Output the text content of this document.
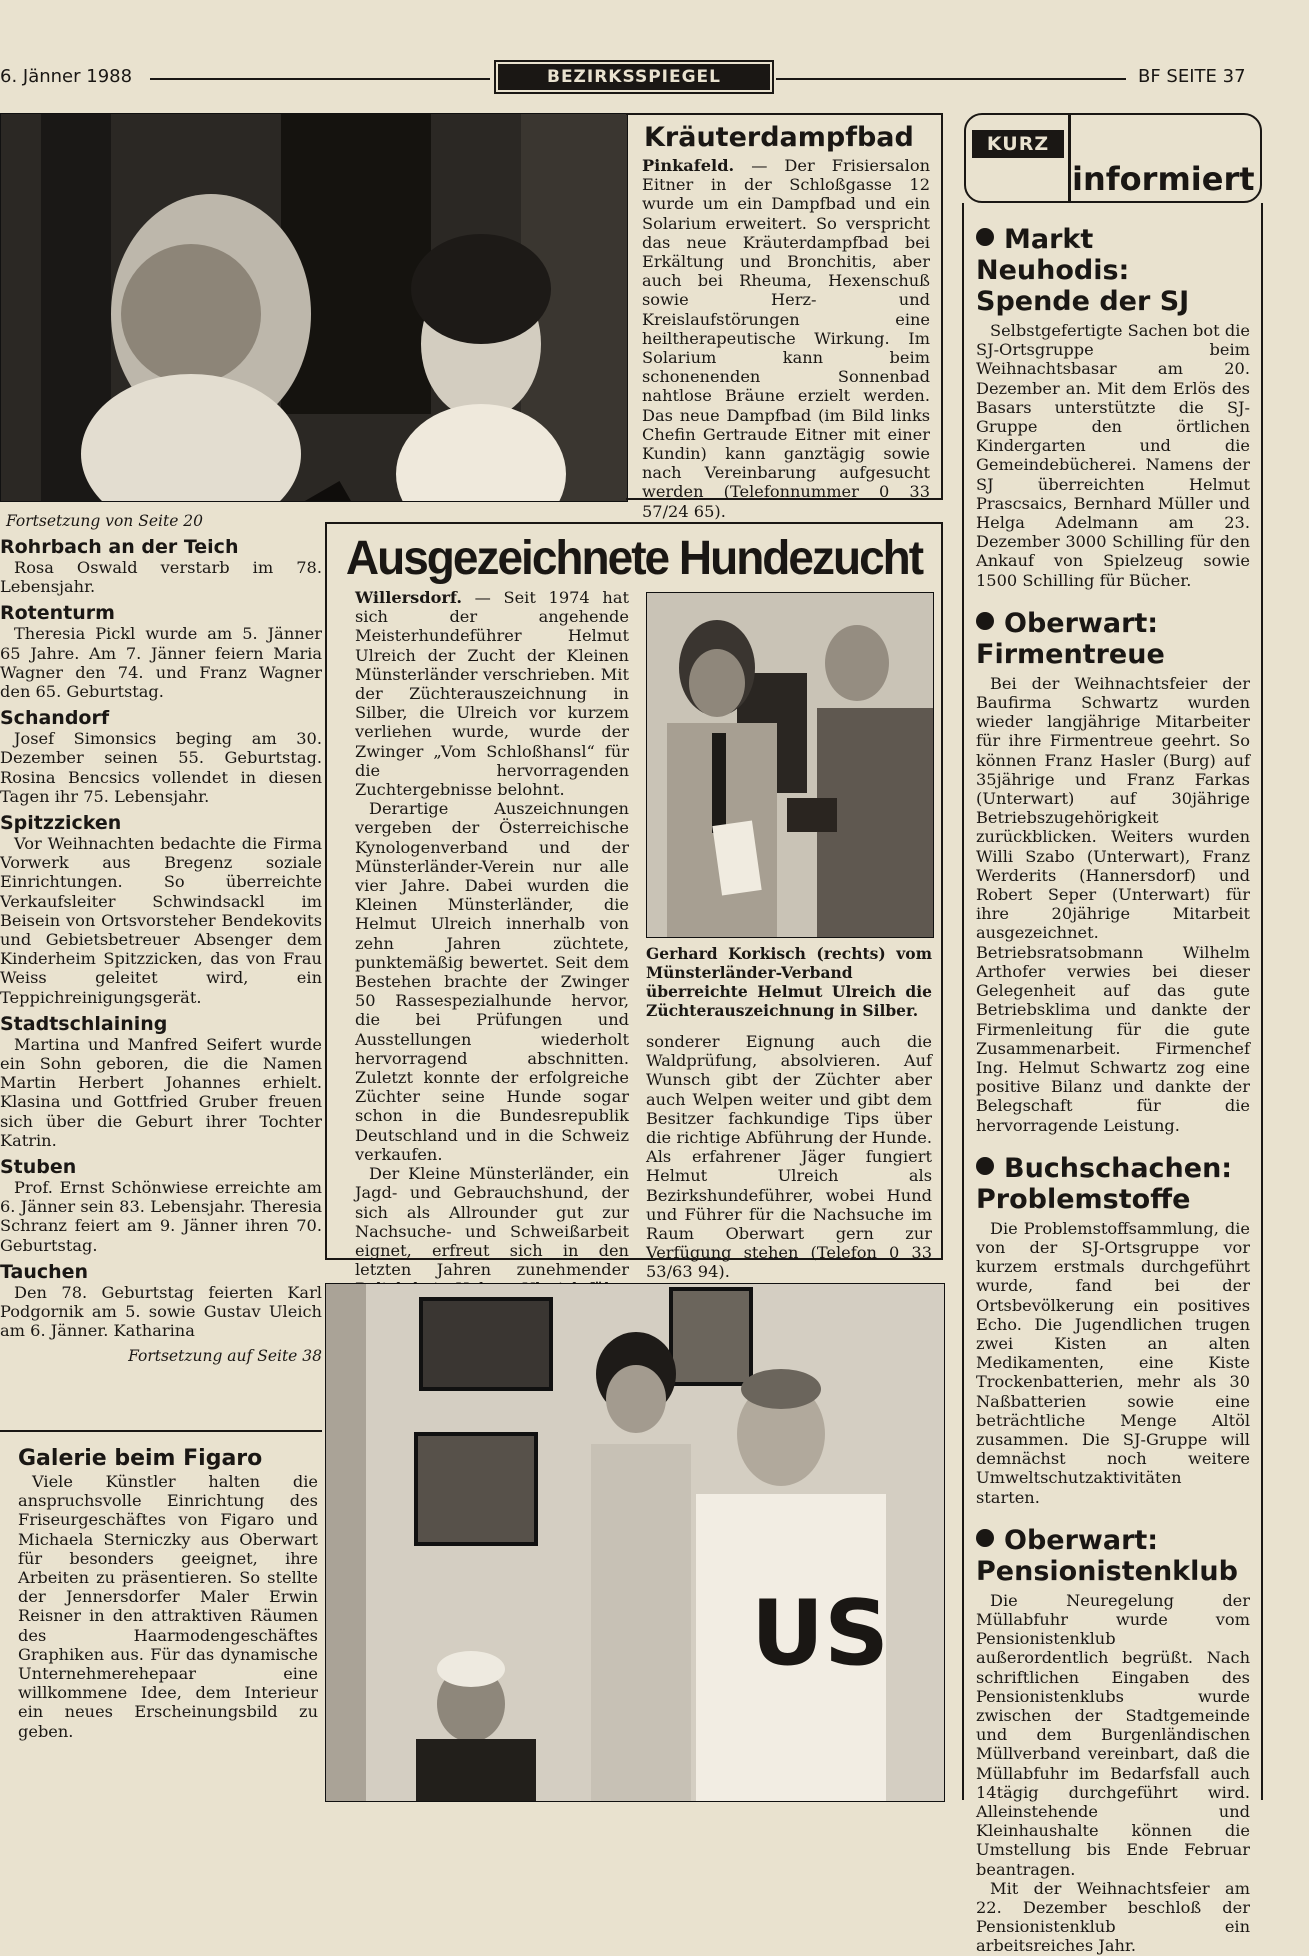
6. Jänner 1988	BEZIRKSSPIEGEL	BF SEITE 37
Kräuterdampfbad
Pinkafeld. — Der Frisiersalon Eitner in der Schloßgasse 12 wurde um ein Dampfbad und ein Solarium erweitert. So verspricht das neue Kräuterdampfbad bei Erkältung und Bronchitis, aber auch bei Rheuma, Hexenschuß sowie Herz- und Kreislaufstörungen eine heiltherapeutische Wirkung. Im Solarium kann beim schonenenden Sonnenbad nahtlose Bräune erzielt werden. Das neue Dampfbad (im Bild links Chefin Gertraude Eitner mit einer Kundin) kann ganztägig sowie nach Vereinbarung aufgesucht werden (Telefonnummer 0 33 57/24 65).
Fortsetzung von Seite 20
Rohrbach an der Teich
Rosa Oswald verstarb im 78. Lebensjahr.
Rotenturm
Theresia Pickl wurde am 5. Jänner 65 Jahre. Am 7. Jänner feiern Maria Wagner den 74. und Franz Wagner den 65. Geburtstag.
Schandorf
Josef Simonsics beging am 30. Dezember seinen 55. Geburtstag. Rosina Bencsics vollendet in diesen Tagen ihr 75. Lebensjahr.
Spitzzicken
Vor Weihnachten bedachte die Firma Vorwerk aus Bregenz soziale Einrichtungen. So überreichte Verkaufsleiter Schwindsackl im Beisein von Ortsvorsteher Bendekovits und Gebietsbetreuer Absenger dem Kinderheim Spitzzicken, das von Frau Weiss geleitet wird, ein Teppichreinigungsgerät.
Stadtschlaining
Martina und Manfred Seifert wurde ein Sohn geboren, die die Namen Martin Herbert Johannes erhielt. Klasina und Gottfried Gruber freuen sich über die Geburt ihrer Tochter Katrin.
Stuben
Prof. Ernst Schönwiese erreichte am 6. Jänner sein 83. Lebensjahr. Theresia Schranz feiert am 9. Jänner ihren 70. Geburtstag.
Tauchen
Den 78. Geburtstag feierten Karl Podgornik am 5. sowie Gustav Uleich am 6. Jänner. Katharina
Fortsetzung auf Seite 38
Galerie beim Figaro
Viele Künstler halten die anspruchsvolle Einrichtung des Friseurgeschäftes von Figaro und Michaela Sterniczky aus Oberwart für besonders geeignet, ihre Arbeiten zu präsentieren. So stellte der Jennersdorfer Maler Erwin Reisner in den attraktiven Räumen des Haarmodengeschäftes Graphiken aus. Für das dynamische Unternehmerehepaar eine willkommene Idee, dem Interieur ein neues Erscheinungsbild zu geben.
Ausgezeichnete Hundezucht

Willersdorf. — Seit 1974 hat sich der angehende Meisterhundeführer Helmut Ulreich der Zucht der Kleinen Münsterländer verschrieben. Mit der Züchterauszeichnung in Silber, die Ulreich vor kurzem verliehen wurde, wurde der Zwinger „Vom Schloßhansl“ für die hervorragenden Zuchtergebnisse belohnt.

Derartige Auszeichnungen vergeben der Österreichische Kynologenverband und der Münsterländer-Verein nur alle vier Jahre. Dabei wurden die Kleinen Münsterländer, die Helmut Ulreich innerhalb von zehn Jahren züchtete, punktemäßig bewertet. Seit dem Bestehen brachte der Zwinger 50 Rassespezialhunde hervor, die bei Prüfungen und Ausstellungen wiederholt hervorragend abschnitten. Zuletzt konnte der erfolgreiche Züchter seine Hunde sogar schon in die Bundesrepublik Deutschland und in die Schweiz verkaufen.

Der Kleine Münsterländer, ein Jagd- und Gebrauchshund, der sich als Allrounder gut zur Nachsuche- und Schweißarbeit eignet, erfreut sich in den letzten Jahren zunehmender

Gerhard Korkisch (rechts) vom Münsterländer-Verband überreichte Helmut Ulreich die Züchterauszeichnung in Silber.
sonderer Eignung auch die Waldprüfung, absolvieren. Auf Wunsch gibt der Züchter aber auch Welpen weiter und gibt dem Besitzer fachkundige Tips über die richtige Abführung der Hunde. Als erfahrener Jäger fungiert Helmut Ulreich als Bezirkshundeführer, wobei Hund und Führer für die Nachsuche im Raum Oberwart gern zur Verfügung stehen (Telefon 0 33 53/63 94).
US
KURZ
informiert
Markt Neuhodis: Spende der SJ
Selbstgefertigte Sachen bot die SJ-Ortsgruppe beim Weihnachtsbasar am 20. Dezember an. Mit dem Erlös des Basars unterstützte die SJ-Gruppe den örtlichen Kindergarten und die Gemeindebücherei. Namens der SJ überreichten Helmut Prascsaics, Bernhard Müller und Helga Adelmann am 23. Dezember 3000 Schilling für den Ankauf von Spielzeug sowie 1500 Schilling für Bücher.
Oberwart: Firmentreue
Bei der Weihnachtsfeier der Baufirma Schwartz wurden wieder langjährige Mitarbeiter für ihre Firmentreue geehrt. So können Franz Hasler (Burg) auf 35jährige und Franz Farkas (Unterwart) auf 30jährige Betriebszugehörigkeit zurückblicken. Weiters wurden Willi Szabo (Unterwart), Franz Werderits (Hannersdorf) und Robert Seper (Unterwart) für ihre 20jährige Mitarbeit ausgezeichnet. Betriebsratsobmann Wilhelm Arthofer verwies bei dieser Gelegenheit auf das gute Betriebsklima und dankte der Firmenleitung für die gute Zusammenarbeit. Firmenchef Ing. Helmut Schwartz zog eine positive Bilanz und dankte der Belegschaft für die hervorragende Leistung.
Buchschachen: Problemstoffe
Die Problemstoffsammlung, die von der SJ-Ortsgruppe vor kurzem erstmals durchgeführt wurde, fand bei der Ortsbevölkerung ein positives Echo. Die Jugendlichen trugen zwei Kisten an alten Medikamenten, eine Kiste Trockenbatterien, mehr als 30 Naßbatterien sowie eine beträchtliche Menge Altöl zusammen. Die SJ-Gruppe will demnächst noch weitere Umweltschutzaktivitäten starten.
Oberwart: Pensionistenklub
Die Neuregelung der Müllabfuhr wurde vom Pensionistenklub außerordentlich begrüßt. Nach schriftlichen Eingaben des Pensionistenklubs wurde zwischen der Stadtgemeinde und dem Burgenländischen Müllverband vereinbart, daß die Müllabfuhr im Bedarfsfall auch 14tägig durchgeführt wird. Alleinstehende und Kleinhaushalte können die Umstellung bis Ende Februar beantragen.
Mit der Weihnachtsfeier am 22. Dezember beschloß der Pensionistenklub ein arbeitsreiches Jahr.
